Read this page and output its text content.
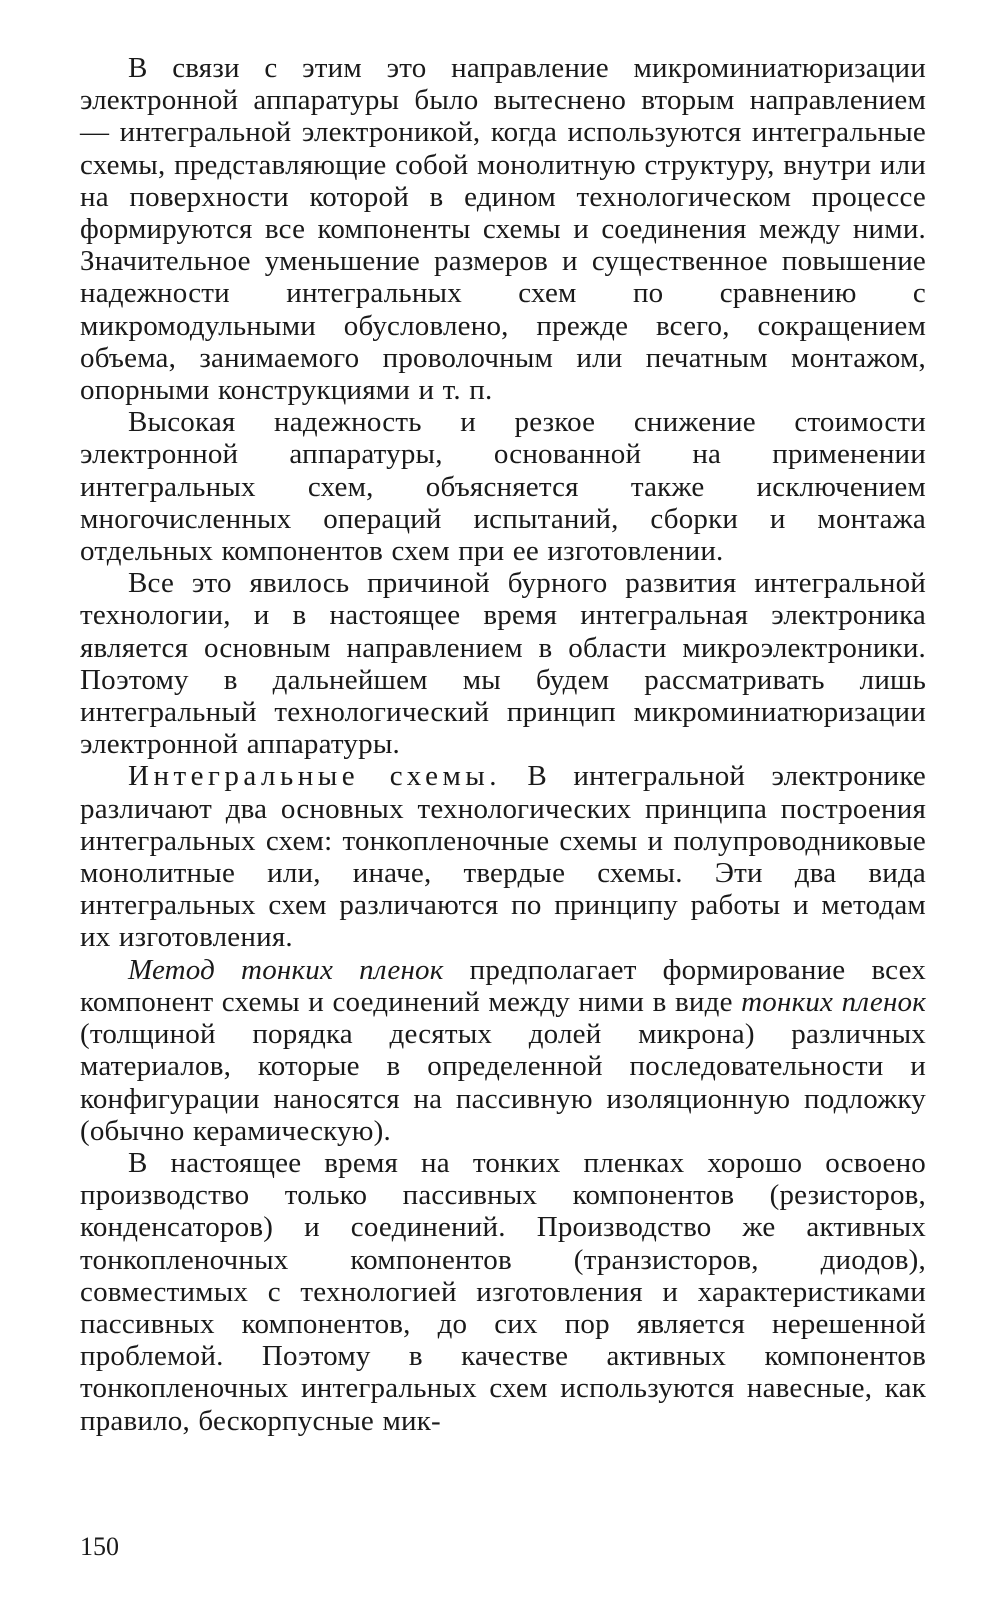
В связи с этим это направление микроминиатюризации электронной аппаратуры было вытеснено вторым направлением — интегральной электроникой, когда используются интегральные схемы, представляющие собой монолитную структуру, внутри или на поверхности которой в едином технологическом процессе формируются все компоненты схемы и соединения между ними. Значительное уменьшение размеров и существенное повышение надежности интегральных схем по сравнению с микромодульными обусловлено, прежде всего, сокращением объема, занимаемого проволочным или печатным монтажом, опорными конструкциями и т. п.

Высокая надежность и резкое снижение стоимости электронной аппаратуры, основанной на применении интегральных схем, объясняется также исключением многочисленных операций испытаний, сборки и монтажа отдельных компонентов схем при ее изготовлении.

Все это явилось причиной бурного развития интегральной технологии, и в настоящее время интегральная электроника является основным направлением в области микроэлектроники. Поэтому в дальнейшем мы будем рассматривать лишь интегральный технологический принцип микроминиатюризации электронной аппаратуры.

Интегральные схемы. В интегральной электронике различают два основных технологических принципа построения интегральных схем: тонкопленочные схемы и полупроводниковые монолитные или, иначе, твердые схемы. Эти два вида интегральных схем различаются по принципу работы и методам их изготовления.

Метод тонких пленок предполагает формирование всех компонент схемы и соединений между ними в виде тонких пленок (толщиной порядка десятых долей микрона) различных материалов, которые в определенной последовательности и конфигурации наносятся на пассивную изоляционную подложку (обычно керамическую).

В настоящее время на тонких пленках хорошо освоено производство только пассивных компонентов (резисторов, конденсаторов) и соединений. Производство же активных тонкопленочных компонентов (транзисторов, диодов), совместимых с технологией изготовления и характеристиками пассивных компонентов, до сих пор является нерешенной проблемой. Поэтому в качестве активных компонентов тонкопленочных интегральных схем используются навесные, как правило, бескорпусные мик-

150
